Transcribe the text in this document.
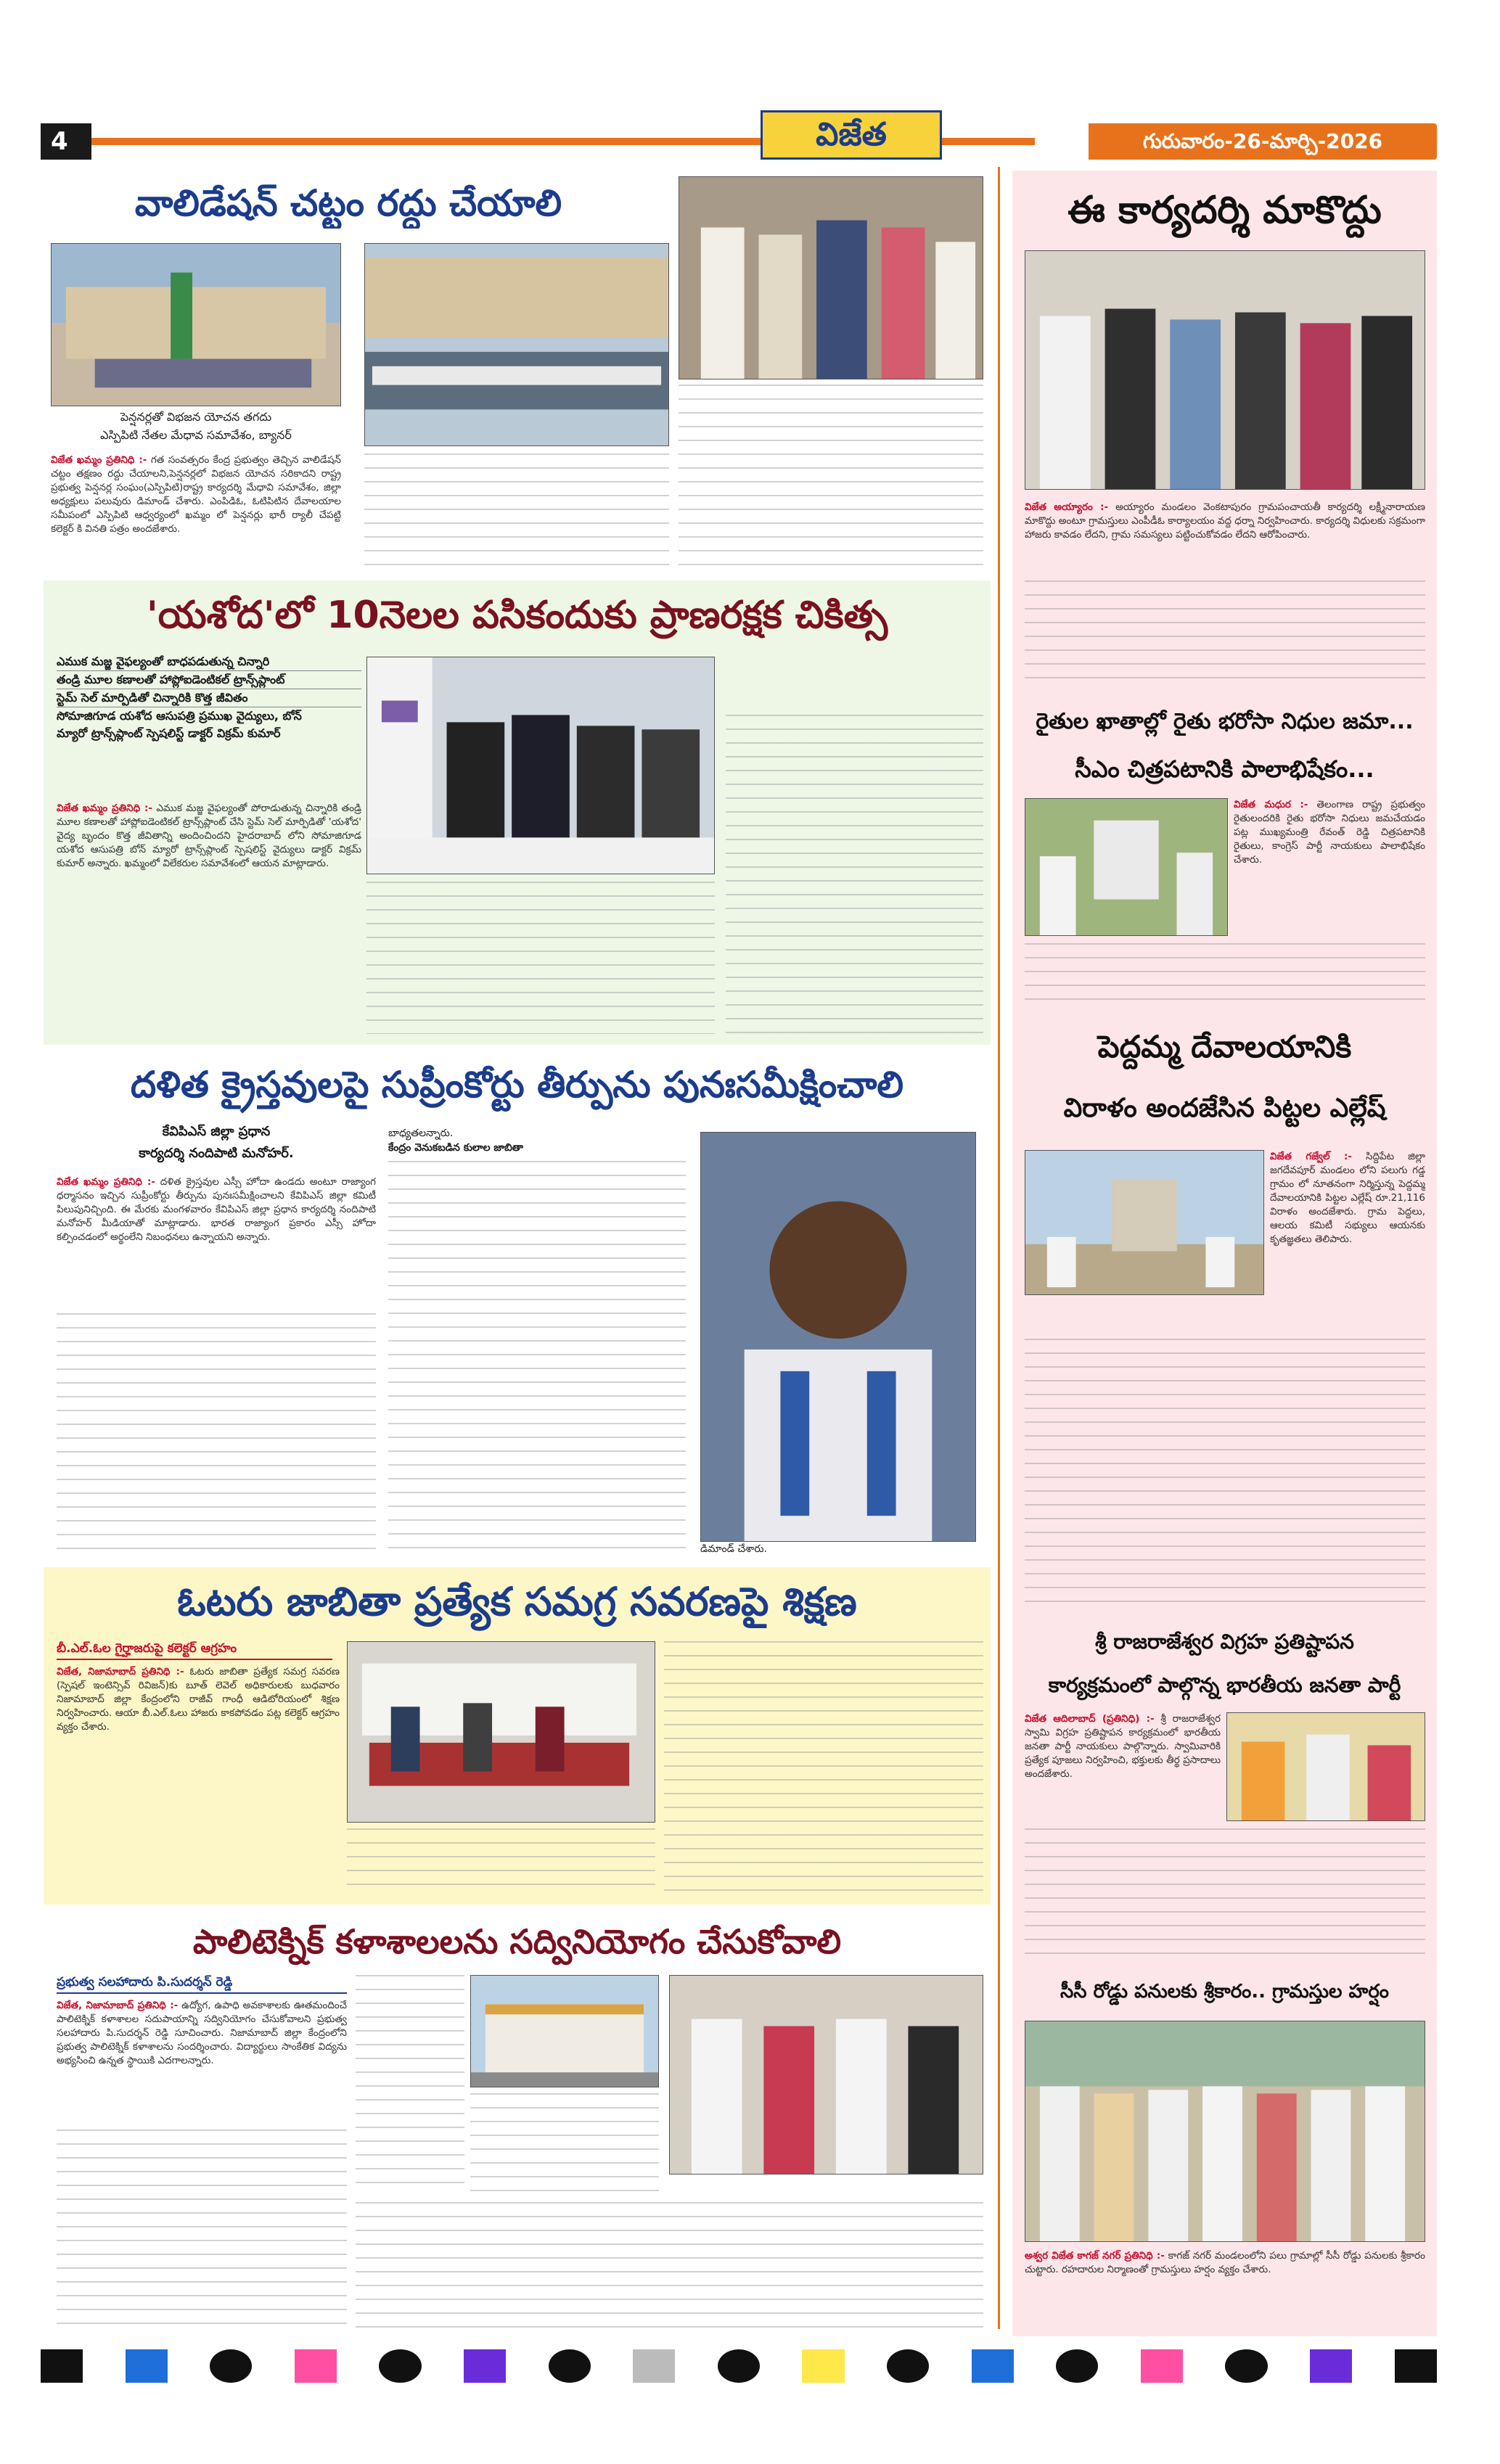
4	విజేత	గురువారం-26-మార్చి-2026
వాలిడేషన్ చట్టం రద్దు చేయాలి
పెన్షనర్లతో విభజన యోచన తగదు
ఎస్పిపిటి నేతల మేధావ సమావేశం, బ్యానర్
విజేత ఖమ్మం ప్రతినిధి :- గత సంవత్సరం కేంద్ర ప్రభుత్వం తెచ్చిన వాలిడేషన్ చట్టం తక్షణం రద్దు చేయాలని,పెన్షనర్లలో విభజన యోచన సరికాదని రాష్ట్ర ప్రభుత్వ పెన్షనర్ల సంఘం(ఎస్పిపిటి)రాష్ట్ర కార్యదర్శి మేధావి సమావేశం, జిల్లా అధ్యక్షులు పలువురు డిమాండ్ చేశారు. ఎంపిడిఓ, ఓటిపిటిన దేవాలయాల సమీపంలో ఎస్పిపిటి ఆధ్వర్యంలో ఖమ్మం లో పెన్షనర్లు భారీ ర్యాలీ చేపట్టి కలెక్టర్ కి వినతి పత్రం అందజేశారు.
'యశోద'లో 10నెలల పసికందుకు ప్రాణరక్షక చికిత్స
ఎముక మజ్జ వైఫల్యంతో బాధపడుతున్న చిన్నారి
తండ్రి మూల కణాలతో హాప్లోఐడెంటికల్ ట్రాన్స్‌ప్లాంట్
స్టెమ్ సెల్ మార్పిడితో చిన్నారికి కొత్త జీవితం
సోమాజిగూడ యశోద ఆసుపత్రి ప్రముఖ వైద్యులు, బోన్
మ్యారో ట్రాన్స్‌ప్లాంట్ స్పెషలిస్ట్ డాక్టర్ విక్రమ్ కుమార్
విజేత ఖమ్మం ప్రతినిధి :- ఎముక మజ్జ వైఫల్యంతో పోరాడుతున్న చిన్నారికి తండ్రి మూల కణాలతో హాప్లోఐడెంటికల్ ట్రాన్స్‌ప్లాంట్ చేసి స్టెమ్ సెల్ మార్పిడితో 'యశోద' వైద్య బృందం కొత్త జీవితాన్ని అందించిందని హైదరాబాద్ లోని సోమాజిగూడ యశోద ఆసుపత్రి బోన్ మ్యారో ట్రాన్స్‌ప్లాంట్ స్పెషలిస్ట్ వైద్యులు డాక్టర్ విక్రమ్ కుమార్ అన్నారు. ఖమ్మంలో విలేకరుల సమావేశంలో ఆయన మాట్లాడారు.
దళిత క్రైస్తవులపై సుప్రీంకోర్టు తీర్పును పునఃసమీక్షించాలి
కేవిపిఎస్ జిల్లా ప్రధాన
కార్యదర్శి నందిపాటి మనోహర్.
విజేత ఖమ్మం ప్రతినిధి :- దళిత క్రైస్తవుల ఎస్సీ హోదా ఉండదు అంటూ రాజ్యాంగ ధర్మాసనం ఇచ్చిన సుప్రీంకోర్టు తీర్పును పునఃసమీక్షించాలని కేవిపిఎస్ జిల్లా కమిటీ పిలుపునిచ్చింది. ఈ మేరకు మంగళవారం కేవిపిఎస్ జిల్లా ప్రధాన కార్యదర్శి నందిపాటి మనోహర్ మీడియాతో మాట్లాడారు. భారత రాజ్యాంగ ప్రకారం ఎస్సీ హోదా కల్పించడంలో అర్థంలేని నిబంధనలు ఉన్నాయని అన్నారు.
బాధ్యతలన్నారు.
కేంద్రం వెనుకబడిన కులాల జాబితా
డిమాండ్ చేశారు.
ఓటరు జాబితా ప్రత్యేక సమగ్ర సవరణపై శిక్షణ
బీ.ఎల్.ఓల గైర్హాజరుపై కలెక్టర్ ఆగ్రహం
విజేత, నిజామాబాద్ ప్రతినిధి :- ఓటరు జాబితా ప్రత్యేక సమగ్ర సవరణ (స్పెషల్ ఇంటెన్సివ్ రివిజన్)కు బూత్ లెవెల్ అధికారులకు బుధవారం నిజామాబాద్ జిల్లా కేంద్రంలోని రాజీవ్ గాంధీ ఆడిటోరియంలో శిక్షణ నిర్వహించారు. ఆయా బీ.ఎల్.ఓలు హాజరు కాకపోవడం పట్ల కలెక్టర్ ఆగ్రహం వ్యక్తం చేశారు.
పాలిటెక్నిక్ కళాశాలలను సద్వినియోగం చేసుకోవాలి
ప్రభుత్వ సలహాదారు పి.సుదర్శన్ రెడ్డి
విజేత, నిజామాబాద్ ప్రతినిధి :- ఉద్యోగ, ఉపాధి అవకాశాలకు ఊతమందించే పాలిటెక్నిక్ కళాశాలల సదుపాయాన్ని సద్వినియోగం చేసుకోవాలని ప్రభుత్వ సలహాదారు పి.సుదర్శన్ రెడ్డి సూచించారు. నిజామాబాద్ జిల్లా కేంద్రంలోని ప్రభుత్వ పాలిటెక్నిక్ కళాశాలను సందర్శించారు. విద్యార్థులు సాంకేతిక విద్యను అభ్యసించి ఉన్నత స్థాయికి ఎదగాలన్నారు.
ఈ కార్యదర్శి మాకొద్దు
విజేత అయ్యారం :- అయ్యారం మండలం వెంకటాపురం గ్రామపంచాయతీ కార్యదర్శి లక్ష్మీనారాయణ మాకొద్దు అంటూ గ్రామస్తులు ఎంపీడీఓ కార్యాలయం వద్ద ధర్నా నిర్వహించారు. కార్యదర్శి విధులకు సక్రమంగా హాజరు కావడం లేదని, గ్రామ సమస్యలు పట్టించుకోవడం లేదని ఆరోపించారు.
రైతుల ఖాతాల్లో రైతు భరోసా నిధుల జమా...
సీఎం చిత్రపటానికి పాలాభిషేకం...
విజేత మధుర :- తెలంగాణ రాష్ట్ర ప్రభుత్వం రైతులందరికి రైతు భరోసా నిధులు జమచేయడం పట్ల ముఖ్యమంత్రి రేవంత్ రెడ్డి చిత్రపటానికి రైతులు, కాంగ్రెస్ పార్టీ నాయకులు పాలాభిషేకం చేశారు.
పెద్దమ్మ దేవాలయానికి
విరాళం అందజేసిన పిట్టల ఎల్లేష్
విజేత గజ్వేల్ :- సిద్దిపేట జిల్లా జగదేవపూర్ మండలం లోని పలుగు గడ్డ గ్రామం లో నూతనంగా నిర్మిస్తున్న పెద్దమ్మ దేవాలయానికి పిట్టల ఎల్లేష్ రూ.21,116 విరాళం అందజేశారు. గ్రామ పెద్దలు, ఆలయ కమిటీ సభ్యులు ఆయనకు కృతజ్ఞతలు తెలిపారు.
శ్రీ రాజరాజేశ్వర విగ్రహ ప్రతిష్టాపన
కార్యక్రమంలో పాల్గొన్న భారతీయ జనతా పార్టీ
విజేత ఆదిలాబాద్ (ప్రతినిధి) :- శ్రీ రాజరాజేశ్వర స్వామి విగ్రహ ప్రతిష్టాపన కార్యక్రమంలో భారతీయ జనతా పార్టీ నాయకులు పాల్గొన్నారు. స్వామివారికి ప్రత్యేక పూజలు నిర్వహించి, భక్తులకు తీర్థ ప్రసాదాలు అందజేశారు.
సీసీ రోడ్డు పనులకు శ్రీకారం.. గ్రామస్తుల హర్షం
అశ్వర విజేత కాగజ్ నగర్ ప్రతినిధి :- కాగజ్ నగర్ మండలంలోని పలు గ్రామాల్లో సీసీ రోడ్డు పనులకు శ్రీకారం చుట్టారు. రహదారుల నిర్మాణంతో గ్రామస్తులు హర్షం వ్యక్తం చేశారు.
